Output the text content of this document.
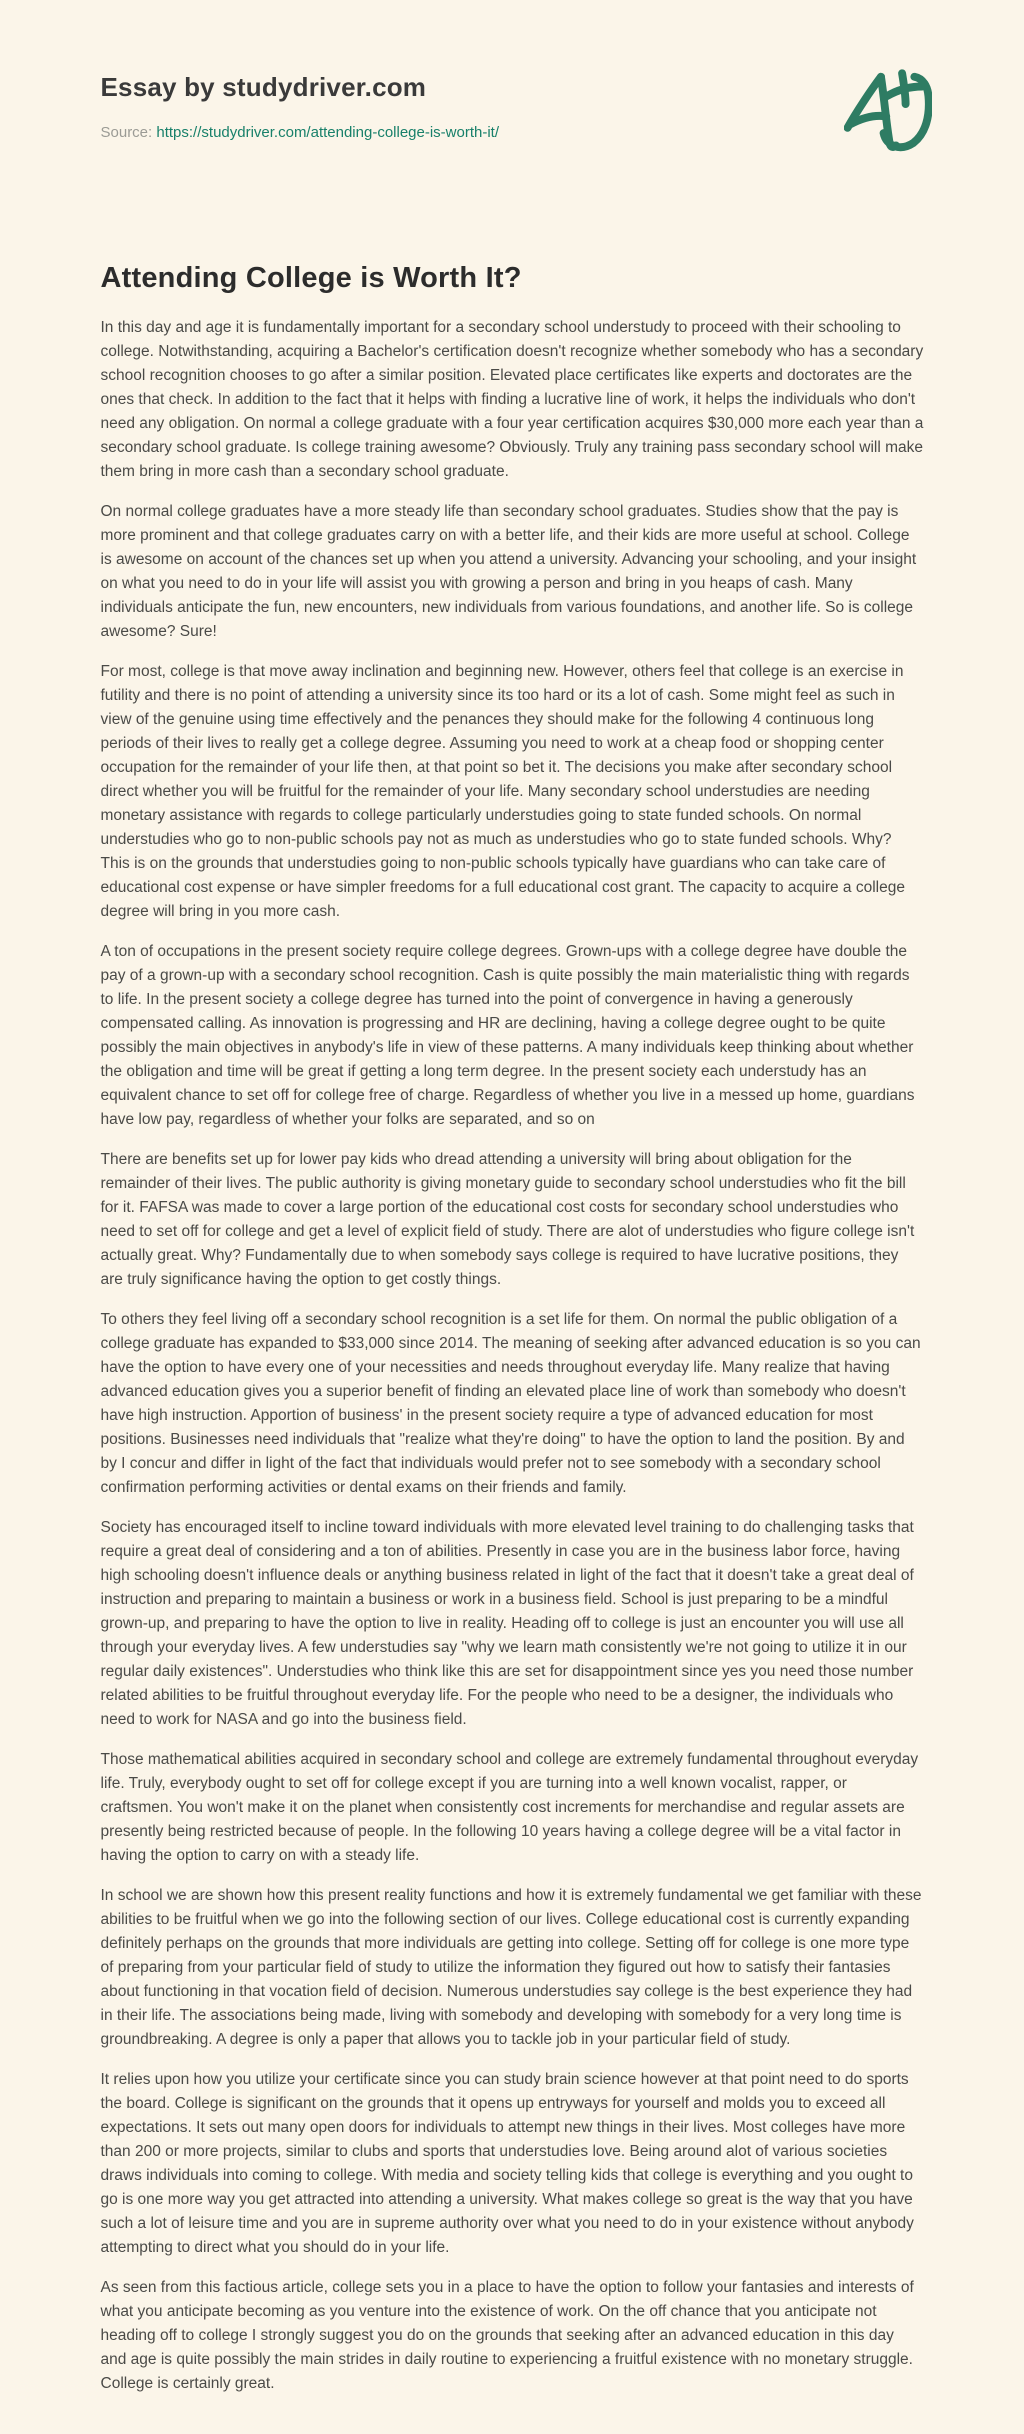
Essay by studydriver.com
Source: https://studydriver.com/attending-college-is-worth-it/
Attending College is Worth It?

In this day and age it is fundamentally important for a secondary school understudy to proceed with their schooling to college. Notwithstanding, acquiring a Bachelor's certification doesn't recognize whether somebody who has a secondary school recognition chooses to go after a similar position. Elevated place certificates like experts and doctorates are the ones that check. In addition to the fact that it helps with finding a lucrative line of work, it helps the individuals who don't need any obligation. On normal a college graduate with a four year certification acquires $30,000 more each year than a secondary school graduate. Is college training awesome? Obviously. Truly any training pass secondary school will make them bring in more cash than a secondary school graduate.

On normal college graduates have a more steady life than secondary school graduates. Studies show that the pay is more prominent and that college graduates carry on with a better life, and their kids are more useful at school. College is awesome on account of the chances set up when you attend a university. Advancing your schooling, and your insight on what you need to do in your life will assist you with growing a person and bring in you heaps of cash. Many individuals anticipate the fun, new encounters, new individuals from various foundations, and another life. So is college awesome? Sure!

For most, college is that move away inclination and beginning new. However, others feel that college is an exercise in futility and there is no point of attending a university since its too hard or its a lot of cash. Some might feel as such in view of the genuine using time effectively and the penances they should make for the following 4 continuous long periods of their lives to really get a college degree. Assuming you need to work at a cheap food or shopping center occupation for the remainder of your life then, at that point so bet it. The decisions you make after secondary school direct whether you will be fruitful for the remainder of your life. Many secondary school understudies are needing monetary assistance with regards to college particularly understudies going to state funded schools. On normal understudies who go to non-public schools pay not as much as understudies who go to state funded schools. Why? This is on the grounds that understudies going to non-public schools typically have guardians who can take care of educational cost expense or have simpler freedoms for a full educational cost grant. The capacity to acquire a college degree will bring in you more cash.

A ton of occupations in the present society require college degrees. Grown-ups with a college degree have double the pay of a grown-up with a secondary school recognition. Cash is quite possibly the main materialistic thing with regards to life. In the present society a college degree has turned into the point of convergence in having a generously compensated calling. As innovation is progressing and HR are declining, having a college degree ought to be quite possibly the main objectives in anybody's life in view of these patterns. A many individuals keep thinking about whether the obligation and time will be great if getting a long term degree. In the present society each understudy has an equivalent chance to set off for college free of charge. Regardless of whether you live in a messed up home, guardians have low pay, regardless of whether your folks are separated, and so on

There are benefits set up for lower pay kids who dread attending a university will bring about obligation for the remainder of their lives. The public authority is giving monetary guide to secondary school understudies who fit the bill for it. FAFSA was made to cover a large portion of the educational cost costs for secondary school understudies who need to set off for college and get a level of explicit field of study. There are alot of understudies who figure college isn't actually great. Why? Fundamentally due to when somebody says college is required to have lucrative positions, they are truly significance having the option to get costly things.

To others they feel living off a secondary school recognition is a set life for them. On normal the public obligation of a college graduate has expanded to $33,000 since 2014. The meaning of seeking after advanced education is so you can have the option to have every one of your necessities and needs throughout everyday life. Many realize that having advanced education gives you a superior benefit of finding an elevated place line of work than somebody who doesn't have high instruction. Apportion of business' in the present society require a type of advanced education for most positions. Businesses need individuals that "realize what they're doing" to have the option to land the position. By and by I concur and differ in light of the fact that individuals would prefer not to see somebody with a secondary school confirmation performing activities or dental exams on their friends and family.

Society has encouraged itself to incline toward individuals with more elevated level training to do challenging tasks that require a great deal of considering and a ton of abilities. Presently in case you are in the business labor force, having high schooling doesn't influence deals or anything business related in light of the fact that it doesn't take a great deal of instruction and preparing to maintain a business or work in a business field. School is just preparing to be a mindful grown-up, and preparing to have the option to live in reality. Heading off to college is just an encounter you will use all through your everyday lives. A few understudies say "why we learn math consistently we're not going to utilize it in our regular daily existences". Understudies who think like this are set for disappointment since yes you need those number related abilities to be fruitful throughout everyday life. For the people who need to be a designer, the individuals who need to work for NASA and go into the business field.

Those mathematical abilities acquired in secondary school and college are extremely fundamental throughout everyday life. Truly, everybody ought to set off for college except if you are turning into a well known vocalist, rapper, or craftsmen. You won't make it on the planet when consistently cost increments for merchandise and regular assets are presently being restricted because of people. In the following 10 years having a college degree will be a vital factor in having the option to carry on with a steady life.

In school we are shown how this present reality functions and how it is extremely fundamental we get familiar with these abilities to be fruitful when we go into the following section of our lives. College educational cost is currently expanding definitely perhaps on the grounds that more individuals are getting into college. Setting off for college is one more type of preparing from your particular field of study to utilize the information they figured out how to satisfy their fantasies about functioning in that vocation field of decision. Numerous understudies say college is the best experience they had in their life. The associations being made, living with somebody and developing with somebody for a very long time is groundbreaking. A degree is only a paper that allows you to tackle job in your particular field of study.

It relies upon how you utilize your certificate since you can study brain science however at that point need to do sports the board. College is significant on the grounds that it opens up entryways for yourself and molds you to exceed all expectations. It sets out many open doors for individuals to attempt new things in their lives. Most colleges have more than 200 or more projects, similar to clubs and sports that understudies love. Being around alot of various societies draws individuals into coming to college. With media and society telling kids that college is everything and you ought to go is one more way you get attracted into attending a university. What makes college so great is the way that you have such a lot of leisure time and you are in supreme authority over what you need to do in your existence without anybody attempting to direct what you should do in your life.

As seen from this factious article, college sets you in a place to have the option to follow your fantasies and interests of what you anticipate becoming as you venture into the existence of work. On the off chance that you anticipate not heading off to college I strongly suggest you do on the grounds that seeking after an advanced education in this day and age is quite possibly the main strides in daily routine to experiencing a fruitful existence with no monetary struggle. College is certainly great.
